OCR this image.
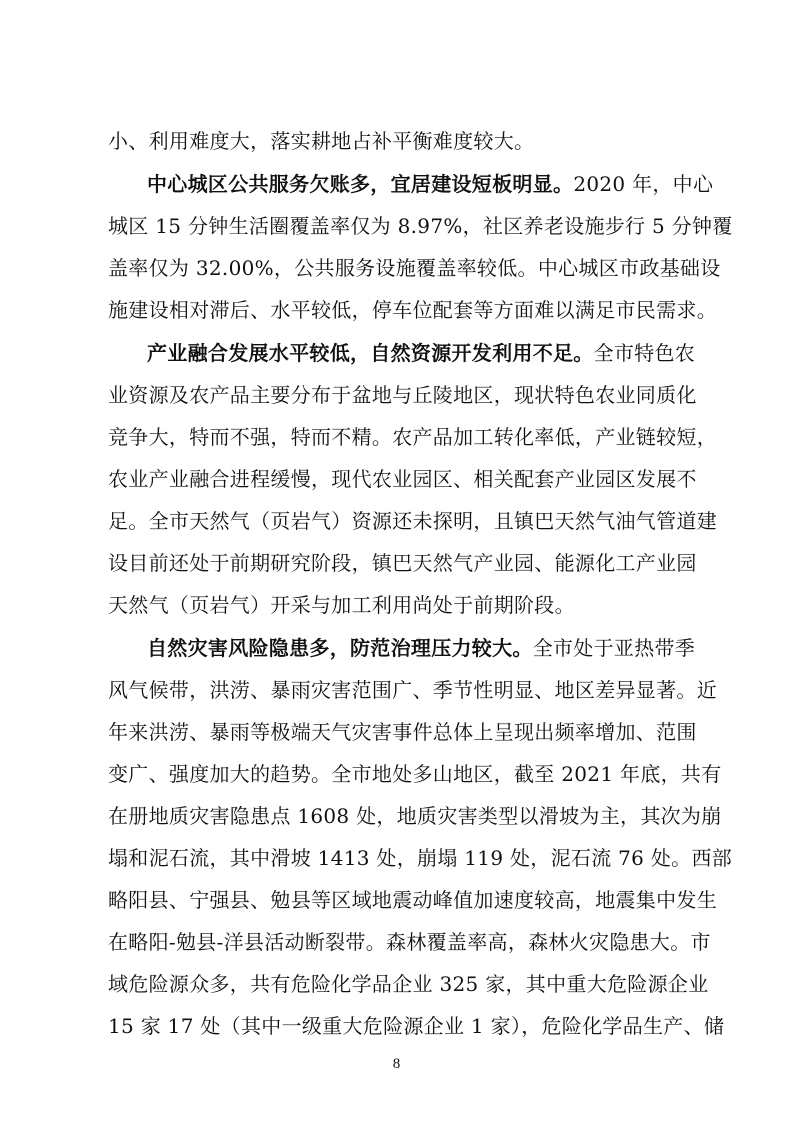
小、利用难度大，落实耕地占补平衡难度较大。
中心城区公共服务欠账多，宜居建设短板明显。2020 年，中心
城区 15 分钟生活圈覆盖率仅为 8.97%，社区养老设施步行 5 分钟覆
盖率仅为 32.00%，公共服务设施覆盖率较低。中心城区市政基础设
施建设相对滞后、水平较低，停车位配套等方面难以满足市民需求。
产业融合发展水平较低，自然资源开发利用不足。全市特色农
业资源及农产品主要分布于盆地与丘陵地区，现状特色农业同质化
竞争大，特而不强，特而不精。农产品加工转化率低，产业链较短，
农业产业融合进程缓慢，现代农业园区、相关配套产业园区发展不
足。全市天然气（页岩气）资源还未探明，且镇巴天然气油气管道建
设目前还处于前期研究阶段，镇巴天然气产业园、能源化工产业园
天然气（页岩气）开采与加工利用尚处于前期阶段。
自然灾害风险隐患多，防范治理压力较大。全市处于亚热带季
风气候带，洪涝、暴雨灾害范围广、季节性明显、地区差异显著。近
年来洪涝、暴雨等极端天气灾害事件总体上呈现出频率增加、范围
变广、强度加大的趋势。全市地处多山地区，截至 2021 年底，共有
在册地质灾害隐患点 1608 处，地质灾害类型以滑坡为主，其次为崩
塌和泥石流，其中滑坡 1413 处，崩塌 119 处，泥石流 76 处。西部
略阳县、宁强县、勉县等区域地震动峰值加速度较高，地震集中发生
在略阳-勉县-洋县活动断裂带。森林覆盖率高，森林火灾隐患大。市
域危险源众多，共有危险化学品企业 325 家，其中重大危险源企业
15 家 17 处（其中一级重大危险源企业 1 家），危险化学品生产、储
8
